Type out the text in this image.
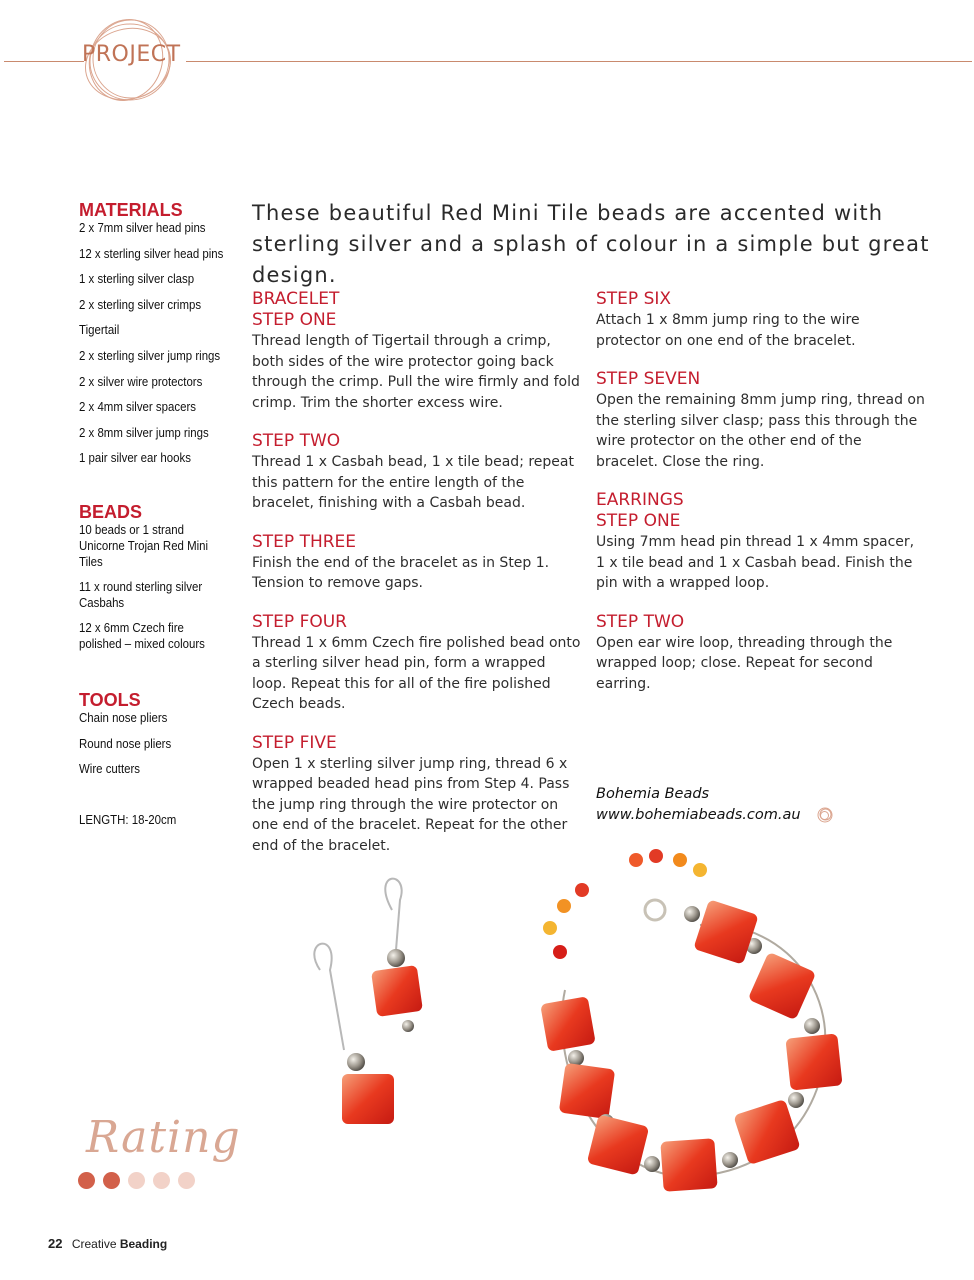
PROJECT
MATERIALS
2 x 7mm silver head pins
12 x sterling silver head pins
1 x sterling silver clasp
2 x sterling silver crimps
Tigertail
2 x sterling silver jump rings
2 x silver wire protectors
2 x 4mm silver spacers
2 x 8mm silver jump rings
1 pair silver ear hooks
BEADS
10 beads or 1 strand Unicorne Trojan Red Mini Tiles
11 x round sterling silver Casbahs
12 x 6mm Czech fire polished – mixed colours
TOOLS
Chain nose pliers
Round nose pliers
Wire cutters
LENGTH: 18-20cm

These beautiful Red Mini Tile beads are accented with sterling silver and a splash of colour in a simple but great design.

BRACELET
STEP ONE

Thread length of Tigertail through a crimp, both sides of the wire protector going back through the crimp. Pull the wire firmly and fold crimp. Trim the shorter excess wire.

STEP TWO

Thread 1 x Casbah bead, 1 x tile bead; repeat this pattern for the entire length of the bracelet, finishing with a Casbah bead.

STEP THREE

Finish the end of the bracelet as in Step 1. Tension to remove gaps.

STEP FOUR

Thread 1 x 6mm Czech fire polished bead onto a sterling silver head pin, form a wrapped loop. Repeat this for all of the fire polished Czech beads.

STEP FIVE

Open 1 x sterling silver jump ring, thread 6 x wrapped beaded head pins from Step 4. Pass the jump ring through the wire protector on one end of the bracelet. Repeat for the other end of the bracelet.

STEP SIX

Attach 1 x 8mm jump ring to the wire protector on one end of the bracelet.

STEP SEVEN

Open the remaining 8mm jump ring, thread on the sterling silver clasp; pass this through the wire protector on the other end of the bracelet. Close the ring.

EARRINGS
STEP ONE

Using 7mm head pin thread 1 x 4mm spacer, 1 x tile bead and 1 x Casbah bead. Finish the pin with a wrapped loop.

STEP TWO

Open ear wire loop, threading through the wrapped loop; close. Repeat for second earring.

Bohemia Beads
www.bohemiabeads.com.au
Rating
22 Creative Beading
